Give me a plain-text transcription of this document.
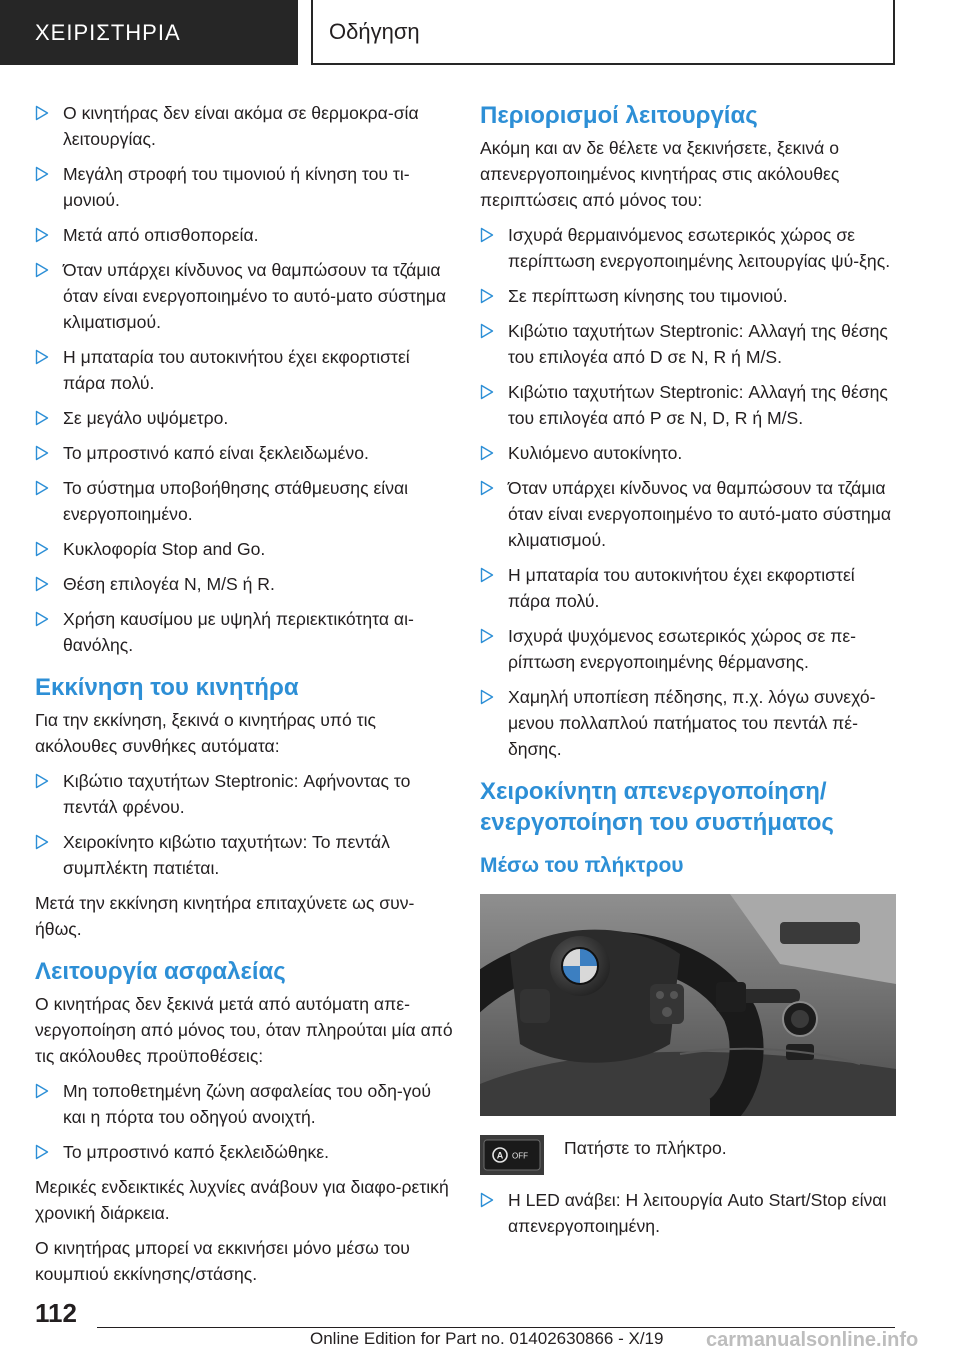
ΧΕΙΡΙΣΤΗΡΙΑ	Οδήγηση
Ο κινητήρας δεν είναι ακόμα σε θερμοκρα-σία λειτουργίας.
Μεγάλη στροφή του τιμονιού ή κίνηση του τι-μονιού.
Μετά από οπισθοπορεία.
Όταν υπάρχει κίνδυνος να θαμπώσουν τα τζάμια όταν είναι ενεργοποιημένο το αυτό-ματο σύστημα κλιματισμού.
Η μπαταρία του αυτοκινήτου έχει εκφορτιστεί πάρα πολύ.
Σε μεγάλο υψόμετρο.
Το μπροστινό καπό είναι ξεκλειδωμένο.
Το σύστημα υποβοήθησης στάθμευσης είναι ενεργοποιημένο.
Κυκλοφορία Stop and Go.
Θέση επιλογέα N, M/S ή R.
Χρήση καυσίμου με υψηλή περιεκτικότητα αι-θανόλης.
Εκκίνηση του κινητήρα

Για την εκκίνηση, ξεκινά ο κινητήρας υπό τις ακόλουθες συνθήκες αυτόματα:

Κιβώτιο ταχυτήτων Steptronic: Αφήνοντας το πεντάλ φρένου.
Χειροκίνητο κιβώτιο ταχυτήτων: Το πεντάλ συμπλέκτη πατιέται.

Μετά την εκκίνηση κινητήρα επιταχύνετε ως συν-ήθως.

Λειτουργία ασφαλείας

Ο κινητήρας δεν ξεκινά μετά από αυτόματη απε-νεργοποίηση από μόνος του, όταν πληρούται μία από τις ακόλουθες προϋποθέσεις:

Μη τοποθετημένη ζώνη ασφαλείας του οδη-γού και η πόρτα του οδηγού ανοιχτή.
Το μπροστινό καπό ξεκλειδώθηκε.

Μερικές ενδεικτικές λυχνίες ανάβουν για διαφο-ρετική χρονική διάρκεια.

Ο κινητήρας μπορεί να εκκινήσει μόνο μέσω του κουμπιού εκκίνησης/στάσης.

Περιορισμοί λειτουργίας

Ακόμη και αν δε θέλετε να ξεκινήσετε, ξεκινά ο απενεργοποιημένος κινητήρας στις ακόλουθες περιπτώσεις από μόνος του:

Ισχυρά θερμαινόμενος εσωτερικός χώρος σε περίπτωση ενεργοποιημένης λειτουργίας ψύ-ξης.
Σε περίπτωση κίνησης του τιμονιού.
Κιβώτιο ταχυτήτων Steptronic: Αλλαγή της θέσης του επιλογέα από D σε N, R ή M/S.
Κιβώτιο ταχυτήτων Steptronic: Αλλαγή της θέσης του επιλογέα από P σε N, D, R ή M/S.
Κυλιόμενο αυτοκίνητο.
Όταν υπάρχει κίνδυνος να θαμπώσουν τα τζάμια όταν είναι ενεργοποιημένο το αυτό-ματο σύστημα κλιματισμού.
Η μπαταρία του αυτοκινήτου έχει εκφορτιστεί πάρα πολύ.
Ισχυρά ψυχόμενος εσωτερικός χώρος σε πε-ρίπτωση ενεργοποιημένης θέρμανσης.
Χαμηλή υποπίεση πέδησης, π.χ. λόγω συνεχό-μενου πολλαπλού πατήματος του πεντάλ πέ-δησης.
Χειροκίνητη απενεργοποίηση/ ενεργοποίηση του συστήματος
Μέσω του πλήκτρου
A OFF Πατήστε το πλήκτρο.

Η LED ανάβει: Η λειτουργία Auto Start/Stop είναι απενεργοποιημένη.
112
Online Edition for Part no. 01402630866 - X/19 carmanualsonline.info
